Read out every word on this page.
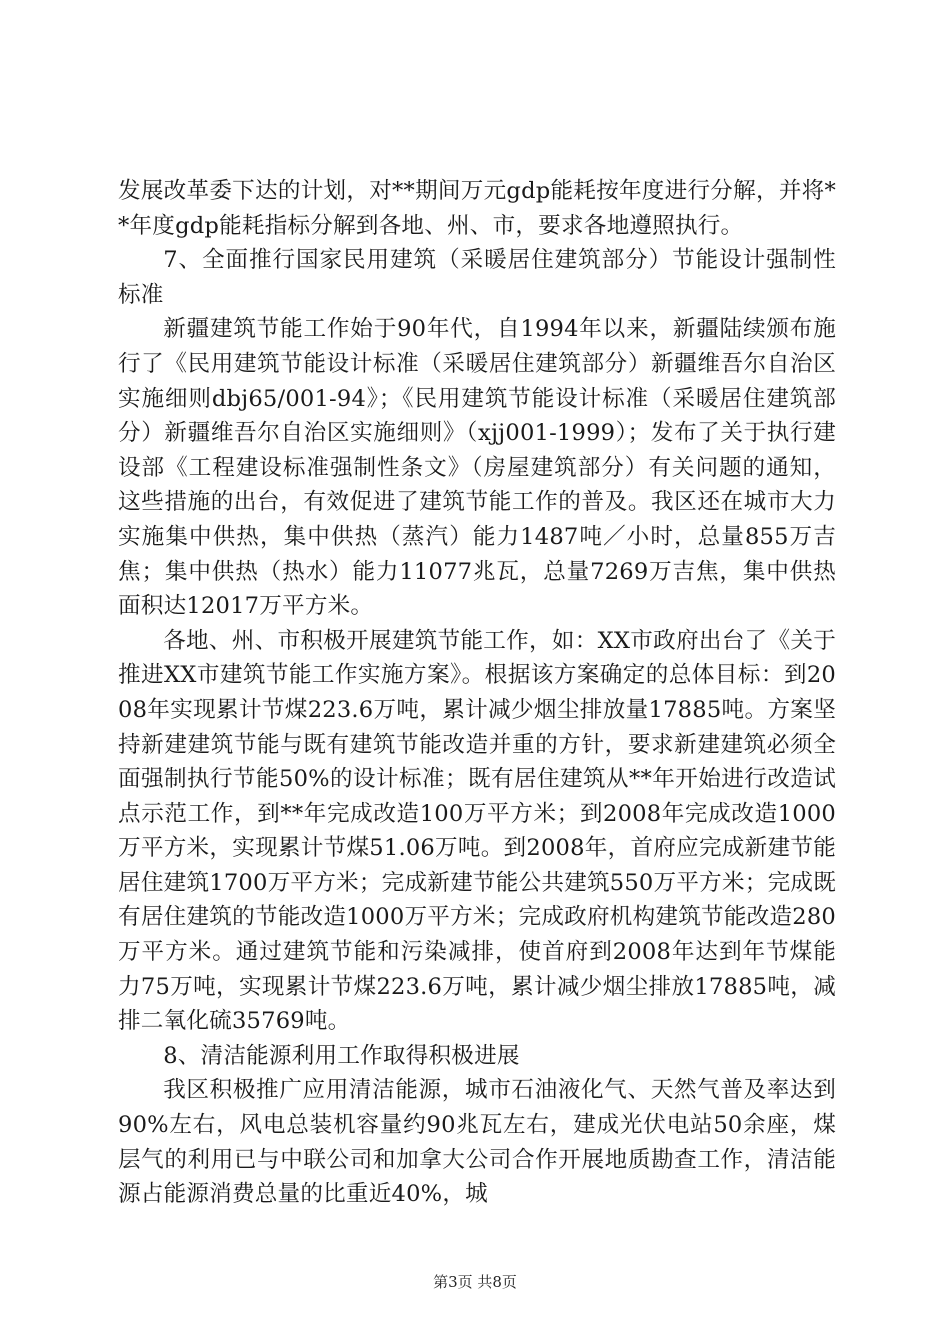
发展改革委下达的计划，对**期间万元gdp能耗按年度进行分解，并将**年度gdp能耗指标分解到各地、州、市，要求各地遵照执行。

7、全面推行国家民用建筑（采暖居住建筑部分）节能设计强制性标准

新疆建筑节能工作始于90年代，自1994年以来，新疆陆续颁布施行了《民用建筑节能设计标准（采暖居住建筑部分）新疆维吾尔自治区实施细则dbj65/001-94》；《民用建筑节能设计标准（采暖居住建筑部分）新疆维吾尔自治区实施细则》（xjj001-1999）；发布了关于执行建设部《工程建设标准强制性条文》（房屋建筑部分）有关问题的通知，这些措施的出台，有效促进了建筑节能工作的普及。我区还在城市大力实施集中供热，集中供热（蒸汽）能力1487吨／小时，总量855万吉焦；集中供热（热水）能力11077兆瓦，总量7269万吉焦，集中供热面积达12017万平方米。

各地、州、市积极开展建筑节能工作，如：XX市政府出台了《关于推进XX市建筑节能工作实施方案》。根据该方案确定的总体目标：到2008年实现累计节煤223.6万吨，累计减少烟尘排放量17885吨。方案坚持新建建筑节能与既有建筑节能改造并重的方针，要求新建建筑必须全面强制执行节能50%的设计标准；既有居住建筑从**年开始进行改造试点示范工作，到**年完成改造100万平方米；到2008年完成改造1000万平方米，实现累计节煤51.06万吨。到2008年，首府应完成新建节能居住建筑1700万平方米；完成新建节能公共建筑550万平方米；完成既有居住建筑的节能改造1000万平方米；完成政府机构建筑节能改造280万平方米。通过建筑节能和污染减排，使首府到2008年达到年节煤能力75万吨，实现累计节煤223.6万吨，累计减少烟尘排放17885吨，减排二氧化硫35769吨。

8、清洁能源利用工作取得积极进展

我区积极推广应用清洁能源，城市石油液化气、天然气普及率达到90%左右，风电总装机容量约90兆瓦左右，建成光伏电站50余座，煤层气的利用已与中联公司和加拿大公司合作开展地质勘查工作，清洁能源占能源消费总量的比重近40%，城

第3页 共8页
